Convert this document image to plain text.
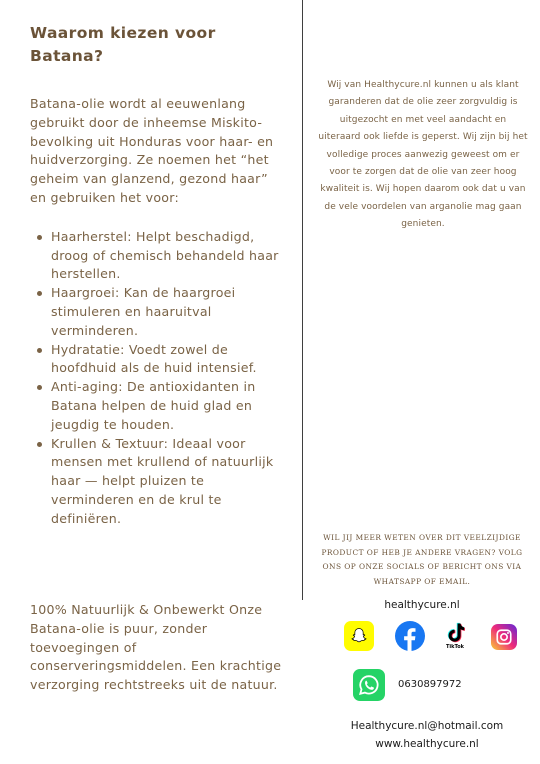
Waarom kiezen voor Batana?

Batana-olie wordt al eeuwenlang gebruikt door de inheemse Miskito-bevolking uit Honduras voor haar- en huidverzorging. Ze noemen het “het geheim van glanzend, gezond haar” en gebruiken het voor:

Haarherstel: Helpt beschadigd, droog of chemisch behandeld haar herstellen.
Haargroei: Kan de haargroei stimuleren en haaruitval verminderen.
Hydratatie: Voedt zowel de hoofdhuid als de huid intensief.
Anti-aging: De antioxidanten in Batana helpen de huid glad en jeugdig te houden.
Krullen & Textuur: Ideaal voor mensen met krullend of natuurlijk haar — helpt pluizen te verminderen en de krul te definiëren.

100% Natuurlijk & Onbewerkt Onze Batana-olie is puur, zonder toevoegingen of conserveringsmiddelen. Een krachtige verzorging rechtstreeks uit de natuur.

Wij van Healthycure.nl kunnen u als klant garanderen dat de olie zeer zorgvuldig is uitgezocht en met veel aandacht en uiteraard ook liefde is geperst. Wij zijn bij het volledige proces aanwezig geweest om er voor te zorgen dat de olie van zeer hoog kwaliteit is. Wij hopen daarom ook dat u van de vele voordelen van arganolie mag gaan genieten.

WIL JIJ MEER WETEN OVER DIT VEELZIJDIGE PRODUCT OF HEB JE ANDERE VRAGEN? VOLG ONS OP ONZE SOCIALS OF BERICHT ONS VIA WHATSAPP OF EMAIL.

healthycure.nl
TikTok
0630897972
Healthycure.nl@hotmail.com
www.healthycure.nl
